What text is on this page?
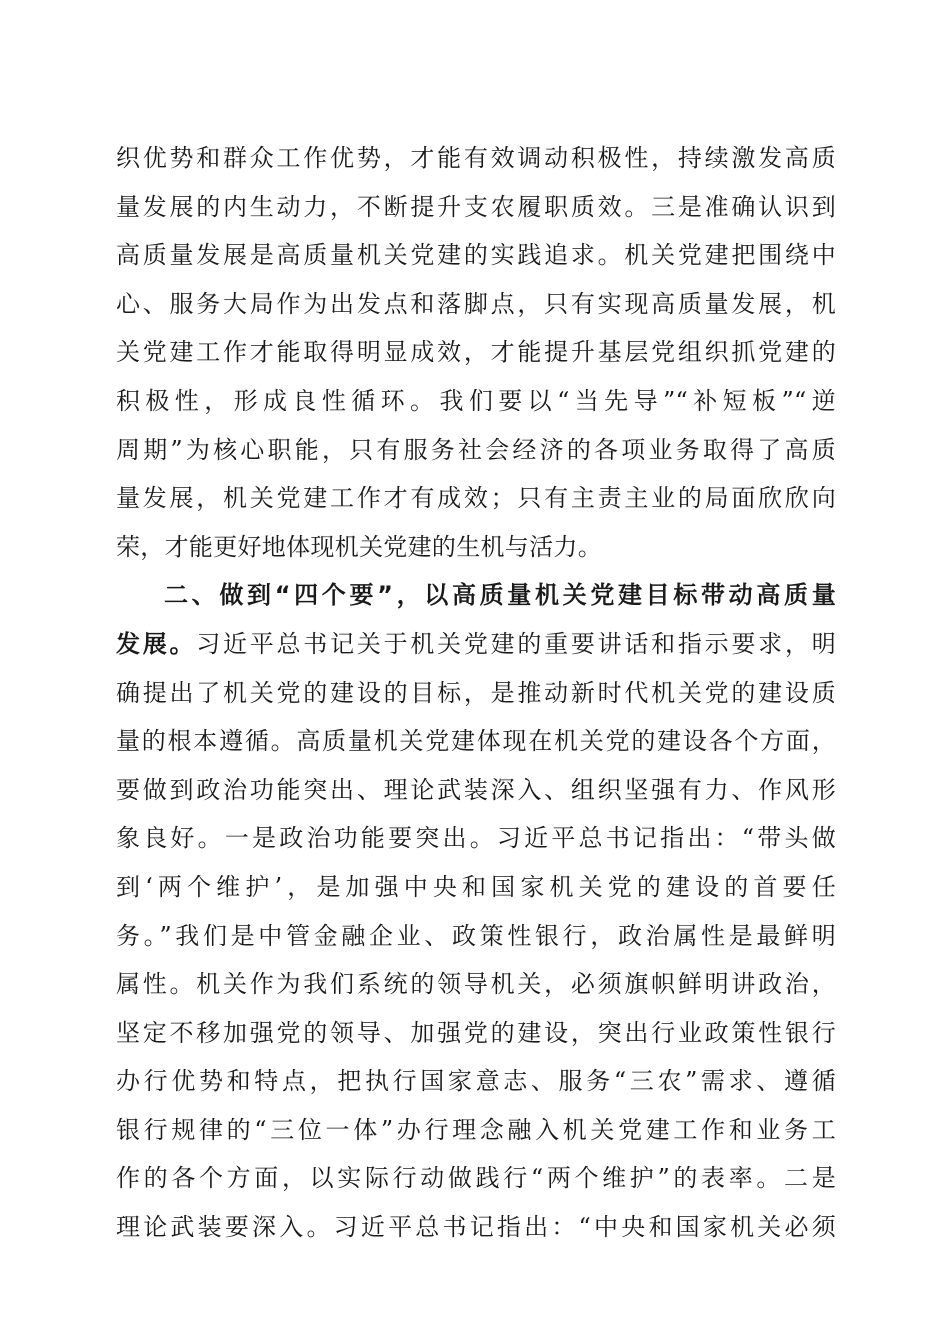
织优势和群众工作优势，才能有效调动积极性，持续激发高质
量发展的内生动力，不断提升支农履职质效。三是准确认识到
高质量发展是高质量机关党建的实践追求。机关党建把围绕中
心、服务大局作为出发点和落脚点，只有实现高质量发展，机
关党建工作才能取得明显成效，才能提升基层党组织抓党建的
积极性，形成良性循环。我们要以“当先导”“补短板”“逆
周期”为核心职能，只有服务社会经济的各项业务取得了高质
量发展，机关党建工作才有成效；只有主责主业的局面欣欣向
荣，才能更好地体现机关党建的生机与活力。
二、做到“四个要”，以高质量机关党建目标带动高质量
发展。习近平总书记关于机关党建的重要讲话和指示要求，明
确提出了机关党的建设的目标，是推动新时代机关党的建设质
量的根本遵循。高质量机关党建体现在机关党的建设各个方面，
要做到政治功能突出、理论武装深入、组织坚强有力、作风形
象良好。一是政治功能要突出。习近平总书记指出：“带头做
到‘两个维护’，是加强中央和国家机关党的建设的首要任
务。”我们是中管金融企业、政策性银行，政治属性是最鲜明
属性。机关作为我们系统的领导机关，必须旗帜鲜明讲政治，
坚定不移加强党的领导、加强党的建设，突出行业政策性银行
办行优势和特点，把执行国家意志、服务“三农”需求、遵循
银行规律的“三位一体”办行理念融入机关党建工作和业务工
作的各个方面，以实际行动做践行“两个维护”的表率。二是
理论武装要深入。习近平总书记指出：“中央和国家机关必须
